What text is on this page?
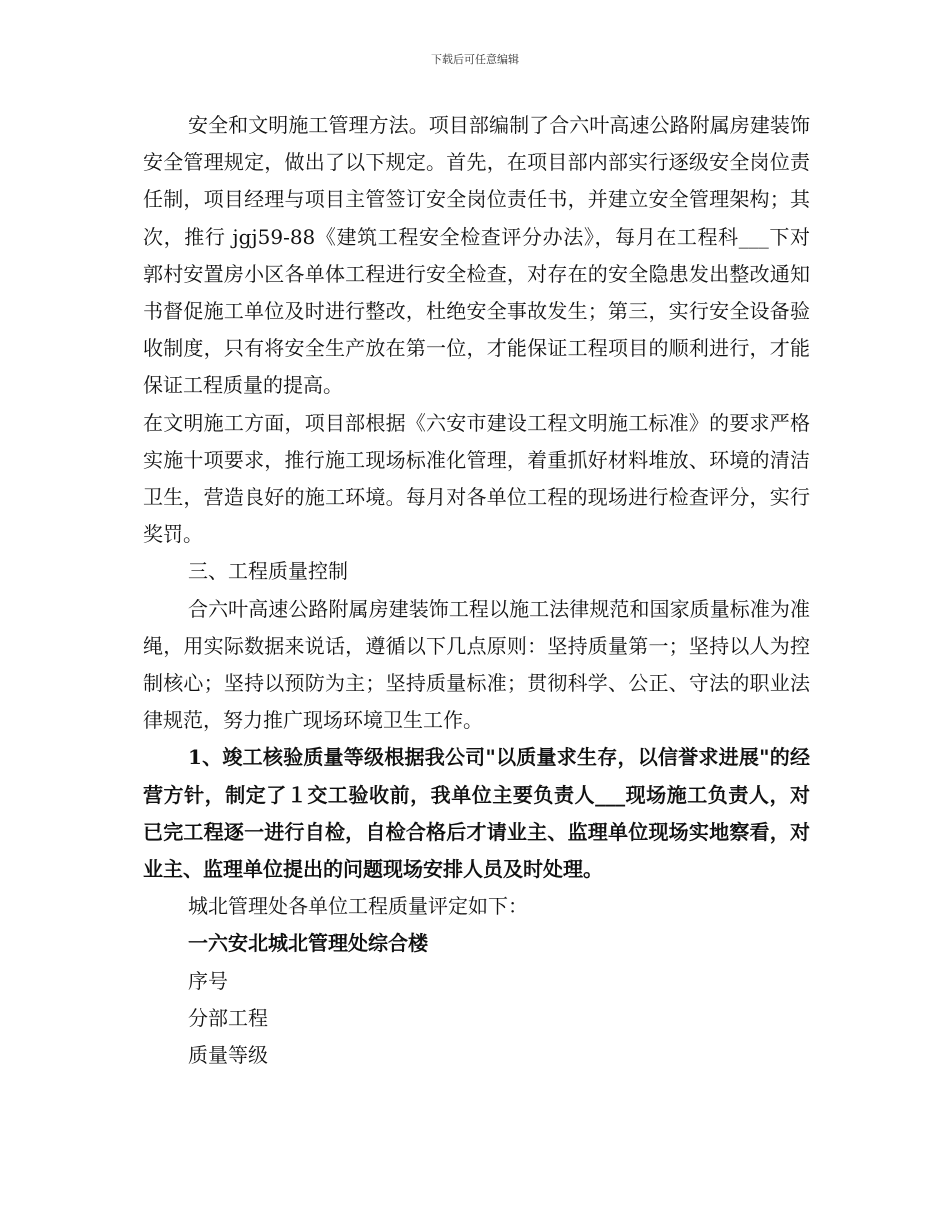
下载后可任意编辑

安全和文明施工管理方法。项目部编制了合六叶高速公路附属房建装饰安全管理规定，做出了以下规定。首先，在项目部内部实行逐级安全岗位责任制，项目经理与项目主管签订安全岗位责任书，并建立安全管理架构；其次，推行 jgj59-88《建筑工程安全检查评分办法》，每月在工程科___下对郭村安置房小区各单体工程进行安全检查，对存在的安全隐患发出整改通知书督促施工单位及时进行整改，杜绝安全事故发生；第三，实行安全设备验收制度，只有将安全生产放在第一位，才能保证工程项目的顺利进行，才能保证工程质量的提高。

在文明施工方面，项目部根据《六安市建设工程文明施工标准》的要求严格实施十项要求，推行施工现场标准化管理，着重抓好材料堆放、环境的清洁卫生，营造良好的施工环境。每月对各单位工程的现场进行检查评分，实行奖罚。

三、工程质量控制

合六叶高速公路附属房建装饰工程以施工法律规范和国家质量标准为准绳，用实际数据来说话，遵循以下几点原则：坚持质量第一；坚持以人为控制核心；坚持以预防为主；坚持质量标准；贯彻科学、公正、守法的职业法律规范，努力推广现场环境卫生工作。

1、竣工核验质量等级根据我公司"以质量求生存，以信誉求进展"的经营方针，制定了１交工验收前，我单位主要负责人___现场施工负责人，对已完工程逐一进行自检，自检合格后才请业主、监理单位现场实地察看，对业主、监理单位提出的问题现场安排人员及时处理。

城北管理处各单位工程质量评定如下：

一六安北城北管理处综合楼

序号
分部工程
质量等级
